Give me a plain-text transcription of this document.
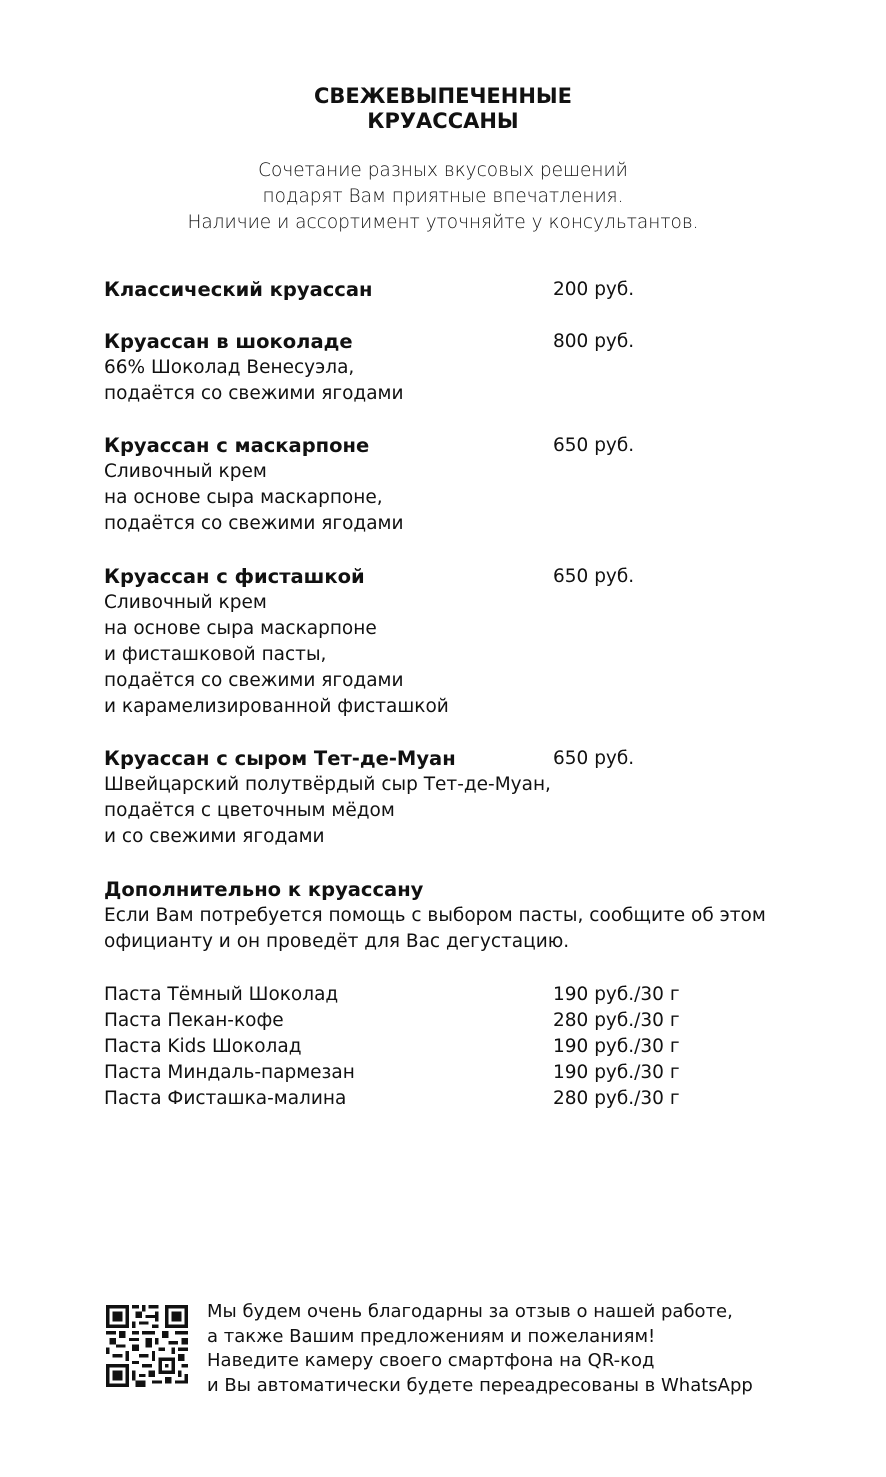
СВЕЖЕВЫПЕЧЕННЫЕ
КРУАССАНЫ
Сочетание разных вкусовых решений
подарят Вам приятные впечатления.
Наличие и ассортимент уточняйте у консультантов.
Классический круассан	200 руб.
Круассан в шоколаде	800 руб.
66% Шоколад Венесуэла,
подаётся со свежими ягодами
Круассан с маскарпоне	650 руб.
Сливочный крем
на основе сыра маскарпоне,
подаётся со свежими ягодами
Круассан с фисташкой	650 руб.
Сливочный крем
на основе сыра маскарпоне
и фисташковой пасты,
подаётся со свежими ягодами
и карамелизированной фисташкой
Круассан с сыром Тет-де-Муан	650 руб.
Швейцарский полутвёрдый сыр Тет-де-Муан,
подаётся с цветочным мёдом
и со свежими ягодами
Дополнительно к круассану
Если Вам потребуется помощь с выбором пасты, сообщите об этом
официанту и он проведёт для Вас дегустацию.
Паста Тёмный Шоколад	190 руб./30 г
Паста Пекан-кофе	280 руб./30 г
Паста Kids Шоколад	190 руб./30 г
Паста Миндаль-пармезан	190 руб./30 г
Паста Фисташка-малина	280 руб./30 г
Мы будем очень благодарны за отзыв о нашей работе,
а также Вашим предложениям и пожеланиям!
Наведите камеру своего смартфона на QR-код
и Вы автоматически будете переадресованы в WhatsApp
